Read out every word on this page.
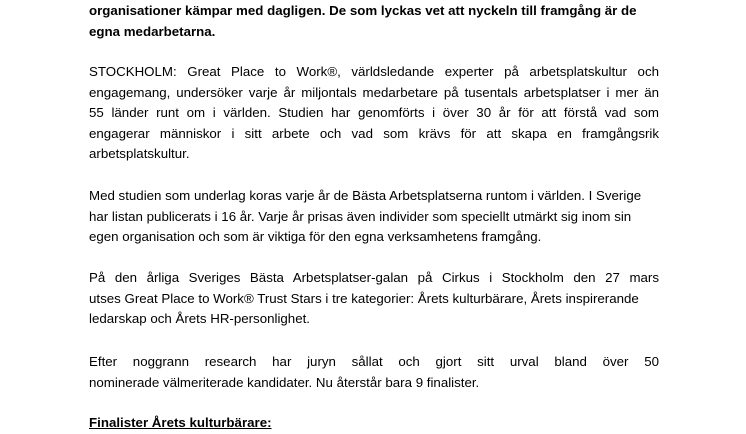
organisationer kämpar med dagligen. De som lyckas vet att nyckeln till framgång är de
egna medarbetarna.

STOCKHOLM: Great Place to Work®, världsledande experter på arbetsplatskultur och
engagemang, undersöker varje år miljontals medarbetare på tusentals arbetsplatser i mer än
55 länder runt om i världen. Studien har genomförts i över 30 år för att förstå vad som
engagerar människor i sitt arbete och vad som krävs för att skapa en framgångsrik
arbetsplatskultur.

Med studien som underlag koras varje år de Bästa Arbetsplatserna runtom i världen. I Sverige
har listan publicerats i 16 år. Varje år prisas även individer som speciellt utmärkt sig inom sin
egen organisation och som är viktiga för den egna verksamhetens framgång.

På den årliga Sveriges Bästa Arbetsplatser-galan på Cirkus i Stockholm den 27 mars
utses Great Place to Work® Trust Stars i tre kategorier: Årets kulturbärare, Årets inspirerande
ledarskap och Årets HR-personlighet.

Efter noggrann research har juryn sållat och gjort sitt urval bland över 50
nominerade välmeriterade kandidater. Nu återstår bara 9 finalister.

Finalister Årets kulturbärare:
